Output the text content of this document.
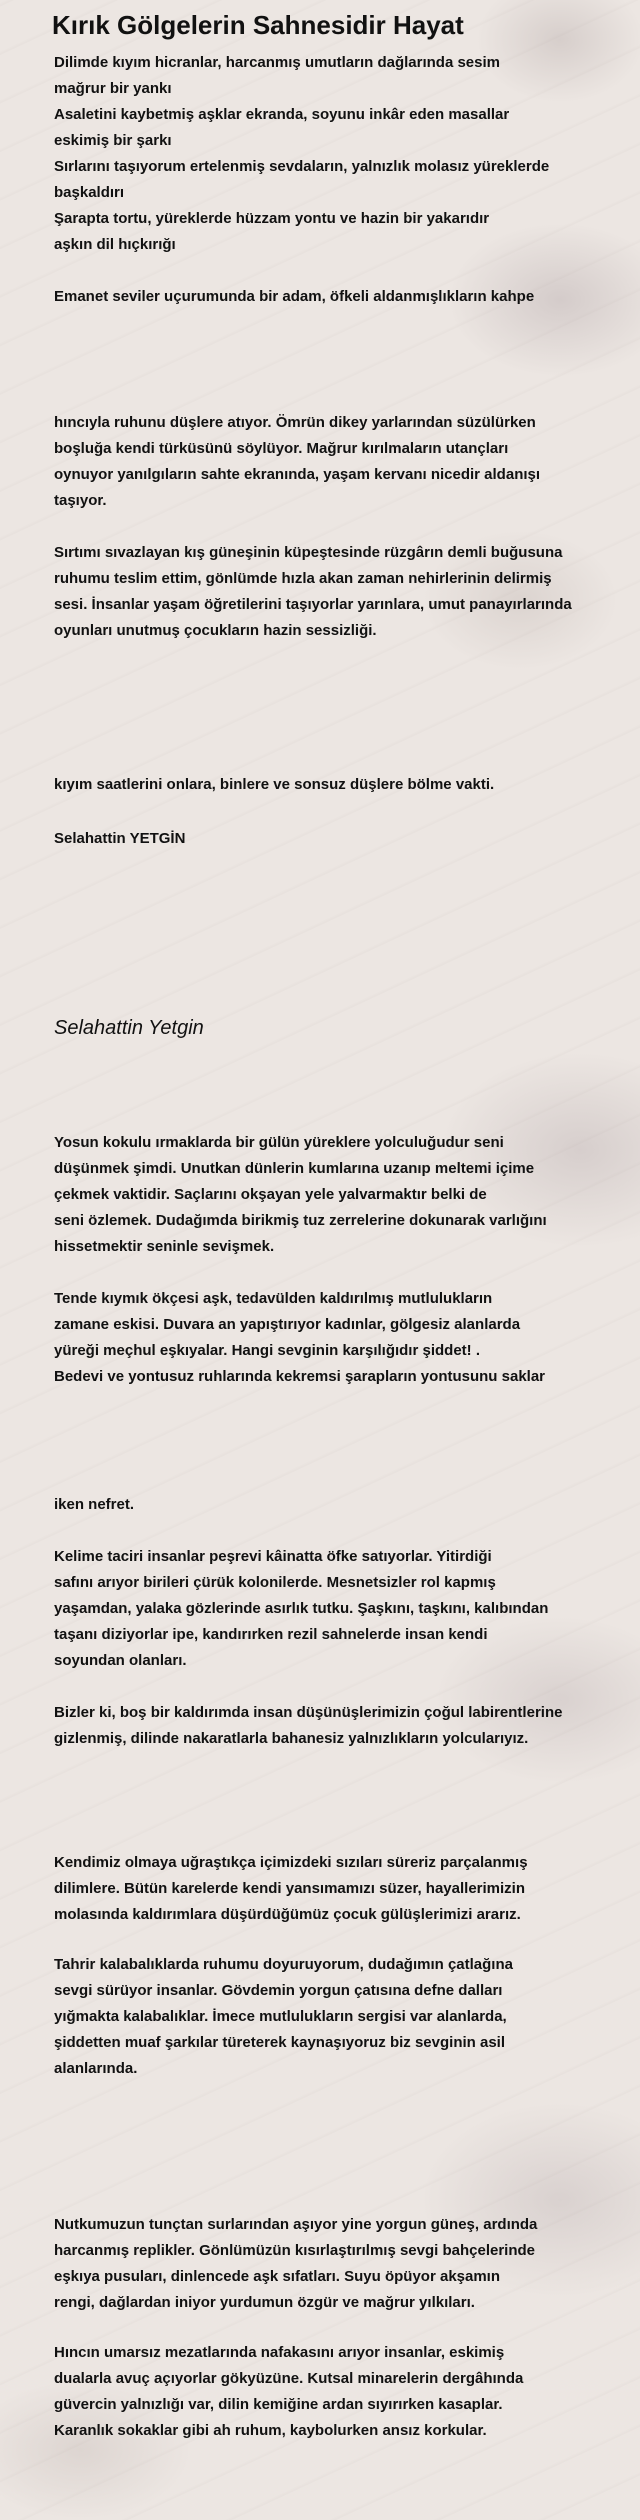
Kırık Gölgelerin Sahnesidir Hayat
Dilimde kıyım hicranlar, harcanmış umutların dağlarında sesim
mağrur bir yankı
Asaletini kaybetmiş aşklar ekranda, soyunu inkâr eden masallar
eskimiş bir şarkı
Sırlarını taşıyorum ertelenmiş sevdaların, yalnızlık molasız yüreklerde
başkaldırı
Şarapta tortu, yüreklerde hüzzam yontu ve hazin bir yakarıdır
aşkın dil hıçkırığı
Emanet seviler uçurumunda bir adam, öfkeli aldanmışlıkların kahpe
hıncıyla ruhunu düşlere atıyor. Ömrün dikey yarlarından süzülürken
boşluğa kendi türküsünü söylüyor. Mağrur kırılmaların utançları
oynuyor yanılgıların sahte ekranında, yaşam kervanı nicedir aldanışı
taşıyor.
Sırtımı sıvazlayan kış güneşinin küpeştesinde rüzgârın demli buğusuna
ruhumu teslim ettim, gönlümde hızla akan zaman nehirlerinin delirmiş
sesi. İnsanlar yaşam öğretilerini taşıyorlar yarınlara, umut panayırlarında
oyunları unutmuş çocukların hazin sessizliği.
kıyım saatlerini onlara, binlere ve sonsuz düşlere bölme vakti.
Selahattin YETGİN
Selahattin Yetgin
Yosun kokulu ırmaklarda bir gülün yüreklere yolculuğudur seni
düşünmek şimdi. Unutkan dünlerin kumlarına uzanıp meltemi içime
çekmek vaktidir. Saçlarını okşayan yele yalvarmaktır belki de
seni özlemek. Dudağımda birikmiş tuz zerrelerine dokunarak varlığını
hissetmektir seninle sevişmek.
Tende kıymık ökçesi aşk, tedavülden kaldırılmış mutlulukların
zamane eskisi. Duvara an yapıştırıyor kadınlar, gölgesiz alanlarda
yüreği meçhul eşkıyalar. Hangi sevginin karşılığıdır şiddet! .
Bedevi ve yontusuz ruhlarında kekremsi şarapların yontusunu saklar
iken nefret.
Kelime taciri insanlar peşrevi kâinatta öfke satıyorlar. Yitirdiği
safını arıyor birileri çürük kolonilerde. Mesnetsizler rol kapmış
yaşamdan, yalaka gözlerinde asırlık tutku. Şaşkını, taşkını, kalıbından
taşanı diziyorlar ipe, kandırırken rezil sahnelerde insan kendi
soyundan olanları.
Bizler ki, boş bir kaldırımda insan düşünüşlerimizin çoğul labirentlerine
gizlenmiş, dilinde nakaratlarla bahanesiz yalnızlıkların yolcularıyız.
Kendimiz olmaya uğraştıkça içimizdeki sızıları süreriz parçalanmış
dilimlere. Bütün karelerde kendi yansımamızı süzer, hayallerimizin
molasında kaldırımlara düşürdüğümüz çocuk gülüşlerimizi ararız.
Tahrir kalabalıklarda ruhumu doyuruyorum, dudağımın çatlağına
sevgi sürüyor insanlar. Gövdemin yorgun çatısına defne dalları
yığmakta kalabalıklar. İmece mutlulukların sergisi var alanlarda,
şiddetten muaf şarkılar türeterek kaynaşıyoruz biz sevginin asil
alanlarında.
Nutkumuzun tunçtan surlarından aşıyor yine yorgun güneş, ardında
harcanmış replikler. Gönlümüzün kısırlaştırılmış sevgi bahçelerinde
eşkıya pusuları, dinlencede aşk sıfatları. Suyu öpüyor akşamın
rengi, dağlardan iniyor yurdumun özgür ve mağrur yılkıları.
Hıncın umarsız mezatlarında nafakasını arıyor insanlar, eskimiş
dualarla avuç açıyorlar gökyüzüne. Kutsal minarelerin dergâhında
güvercin yalnızlığı var, dilin kemiğine ardan sıyırırken kasaplar.
Karanlık sokaklar gibi ah ruhum, kaybolurken ansız korkular.
